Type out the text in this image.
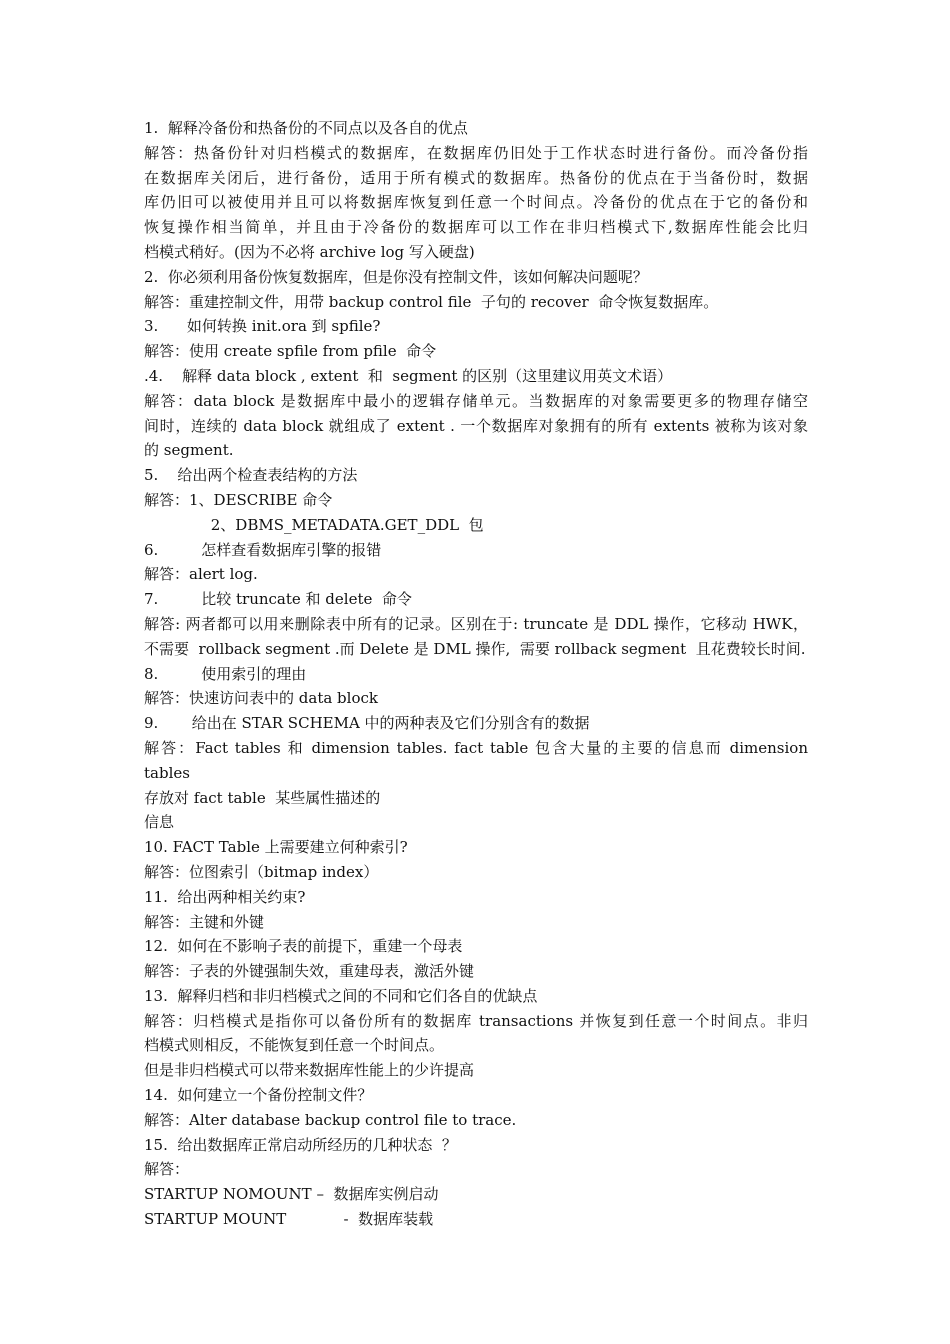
1.  解释冷备份和热备份的不同点以及各自的优点
解答：热备份针对归档模式的数据库，在数据库仍旧处于工作状态时进行备份。而冷备份指
在数据库关闭后，进行备份，适用于所有模式的数据库。热备份的优点在于当备份时，数据
库仍旧可以被使用并且可以将数据库恢复到任意一个时间点。冷备份的优点在于它的备份和
恢复操作相当简单，并且由于冷备份的数据库可以工作在非归档模式下,数据库性能会比归
档模式稍好。(因为不必将 archive log 写入硬盘)
2.  你必须利用备份恢复数据库，但是你没有控制文件，该如何解决问题呢？
解答：重建控制文件，用带 backup control file  子句的 recover  命令恢复数据库。
3.      如何转换 init.ora 到 spfile?
解答：使用 create spfile from pfile  命令
.4.    解释 data block , extent  和  segment 的区别（这里建议用英文术语）
解答：data block 是数据库中最小的逻辑存储单元。当数据库的对象需要更多的物理存储空
间时，连续的 data block 就组成了 extent . 一个数据库对象拥有的所有 extents 被称为该对象
的 segment.
5.    给出两个检查表结构的方法
解答：1、DESCRIBE 命令
2、DBMS_METADATA.GET_DDL  包
6.         怎样查看数据库引擎的报错
解答：alert log.
7.         比较 truncate 和 delete  命令
解答: 两者都可以用来删除表中所有的记录。区别在于: truncate 是 DDL 操作，它移动 HWK，
不需要  rollback segment .而 Delete 是 DML 操作,  需要 rollback segment  且花费较长时间.
8.         使用索引的理由
解答：快速访问表中的 data block
9.       给出在 STAR SCHEMA 中的两种表及它们分别含有的数据
解答：Fact tables 和 dimension tables. fact table 包含大量的主要的信息而 dimension tables
存放对 fact table  某些属性描述的
信息
10. FACT Table 上需要建立何种索引?
解答：位图索引（bitmap index）
11.  给出两种相关约束?
解答：主键和外键
12.  如何在不影响子表的前提下，重建一个母表
解答：子表的外键强制失效，重建母表，激活外键
13.  解释归档和非归档模式之间的不同和它们各自的优缺点
解答：归档模式是指你可以备份所有的数据库 transactions 并恢复到任意一个时间点。非归
档模式则相反，不能恢复到任意一个时间点。
但是非归档模式可以带来数据库性能上的少许提高
14.  如何建立一个备份控制文件？
解答：Alter database backup control file to trace.
15.  给出数据库正常启动所经历的几种状态  ？
解答：
STARTUP NOMOUNT –  数据库实例启动
STARTUP MOUNT            -  数据库装载
